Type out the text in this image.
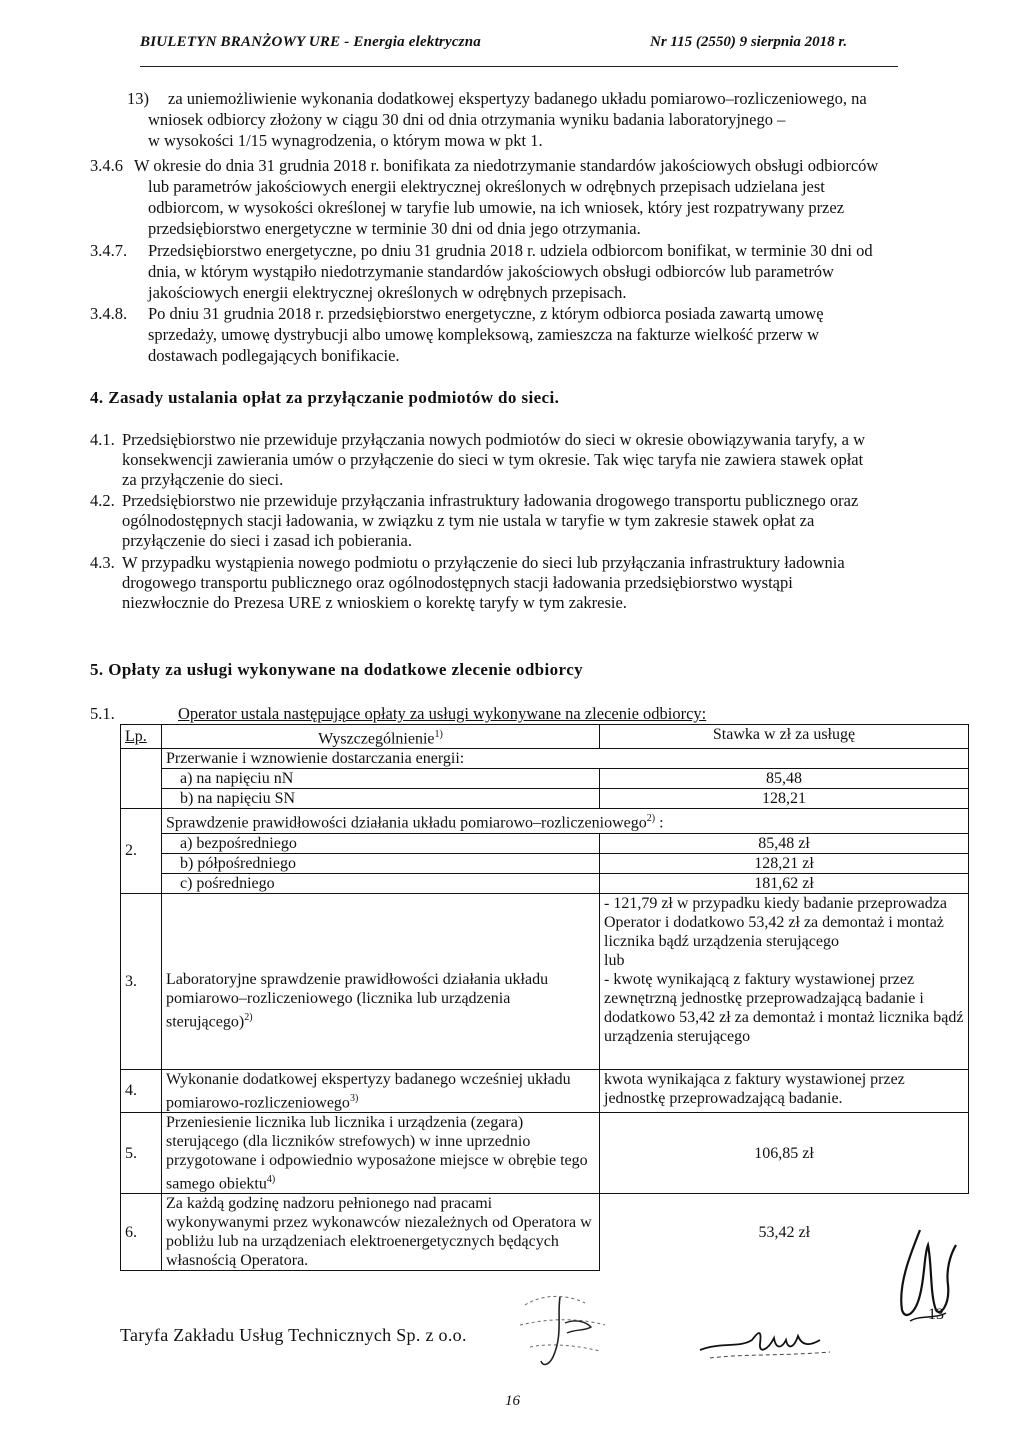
BIULETYN BRANŻOWY URE - Energia elektryczna	Nr 115 (2550) 9 sierpnia 2018 r.
13) za uniemożliwienie wykonania dodatkowej ekspertyzy badanego układu pomiarowo–rozliczeniowego, na
wniosek odbiorcy złożony w ciągu 30 dni od dnia otrzymania wyniku badania laboratoryjnego –
w wysokości 1/15 wynagrodzenia, o którym mowa w pkt 1.
3.4.6 W okresie do dnia 31 grudnia 2018 r. bonifikata za niedotrzymanie standardów jakościowych obsługi odbiorców
lub parametrów jakościowych energii elektrycznej określonych w odrębnych przepisach udzielana jest
odbiorcom, w wysokości określonej w taryfie lub umowie, na ich wniosek, który jest rozpatrywany przez
przedsiębiorstwo energetyczne w terminie 30 dni od dnia jego otrzymania.
3.4.7. Przedsiębiorstwo energetyczne, po dniu 31 grudnia 2018 r. udziela odbiorcom bonifikat, w terminie 30 dni od
dnia, w którym wystąpiło niedotrzymanie standardów jakościowych obsługi odbiorców lub parametrów
jakościowych energii elektrycznej określonych w odrębnych przepisach.
3.4.8. Po dniu 31 grudnia 2018 r. przedsiębiorstwo energetyczne, z którym odbiorca posiada zawartą umowę
sprzedaży, umowę dystrybucji albo umowę kompleksową, zamieszcza na fakturze wielkość przerw w
dostawach podlegających bonifikacie.
4. Zasady ustalania opłat za przyłączanie podmiotów do sieci.
4.1. Przedsiębiorstwo nie przewiduje przyłączania nowych podmiotów do sieci w okresie obowiązywania taryfy, a w
konsekwencji zawierania umów o przyłączenie do sieci w tym okresie. Tak więc taryfa nie zawiera stawek opłat
za przyłączenie do sieci.
4.2. Przedsiębiorstwo nie przewiduje przyłączania infrastruktury ładowania drogowego transportu publicznego oraz
ogólnodostępnych stacji ładowania, w związku z tym nie ustala w taryfie w tym zakresie stawek opłat za
przyłączenie do sieci i zasad ich pobierania.
4.3. W przypadku wystąpienia nowego podmiotu o przyłączenie do sieci lub przyłączania infrastruktury ładownia
drogowego transportu publicznego oraz ogólnodostępnych stacji ładowania przedsiębiorstwo wystąpi
niezwłocznie do Prezesa URE z wnioskiem o korektę taryfy w tym zakresie.
5. Opłaty za usługi wykonywane na dodatkowe zlecenie odbiorcy
5.1.	Operator ustala następujące opłaty za usługi wykonywane na zlecenie odbiorcy:
Lp.	Wyszczególnienie$^{1)}$	Stawka w zł za usługę
	Przerwanie i wznowienie dostarczania energii:	
	a) na napięciu nN	85,48
	b) na napięciu SN	128,21
2.	Sprawdzenie prawidłowości działania układu pomiarowo–rozliczeniowego$^{2)}$ :	
	a) bezpośredniego	85,48 zł
	b) półpośredniego	128,21 zł
	c) pośredniego	181,62 zł
3.	Laboratoryjne sprawdzenie prawidłowości działania układu pomiarowo–rozliczeniowego (licznika lub urządzenia sterującego)$^{2)}$	- 121,79 zł w przypadku kiedy badanie przeprowadza Operator i dodatkowo 53,42 zł za demontaż i montaż licznika bądź urządzenia sterującego
lub
- kwotę wynikającą z faktury wystawionej przez zewnętrzną jednostkę przeprowadzającą badanie i dodatkowo 53,42 zł za demontaż i montaż licznika bądź urządzenia sterującego

4.	Wykonanie dodatkowej ekspertyzy badanego wcześniej układu pomiarowo-rozliczeniowego$^{3)}$	kwota wynikająca z faktury wystawionej przez jednostkę przeprowadzającą badanie.
5.	Przeniesienie licznika lub licznika i urządzenia (zegara) sterującego (dla liczników strefowych) w inne uprzednio przygotowane i odpowiednio wyposażone miejsce w obrębie tego samego obiektu$^{4)}$	106,85 zł
6.	Za każdą godzinę nadzoru pełnionego nad pracami wykonywanymi przez wykonawców niezależnych od Operatora w pobliżu lub na urządzeniach elektroenergetycznych będących własnością Operatora.	53,42 zł
Taryfa Zakładu Usług Technicznych Sp. z o.o.
13
16
